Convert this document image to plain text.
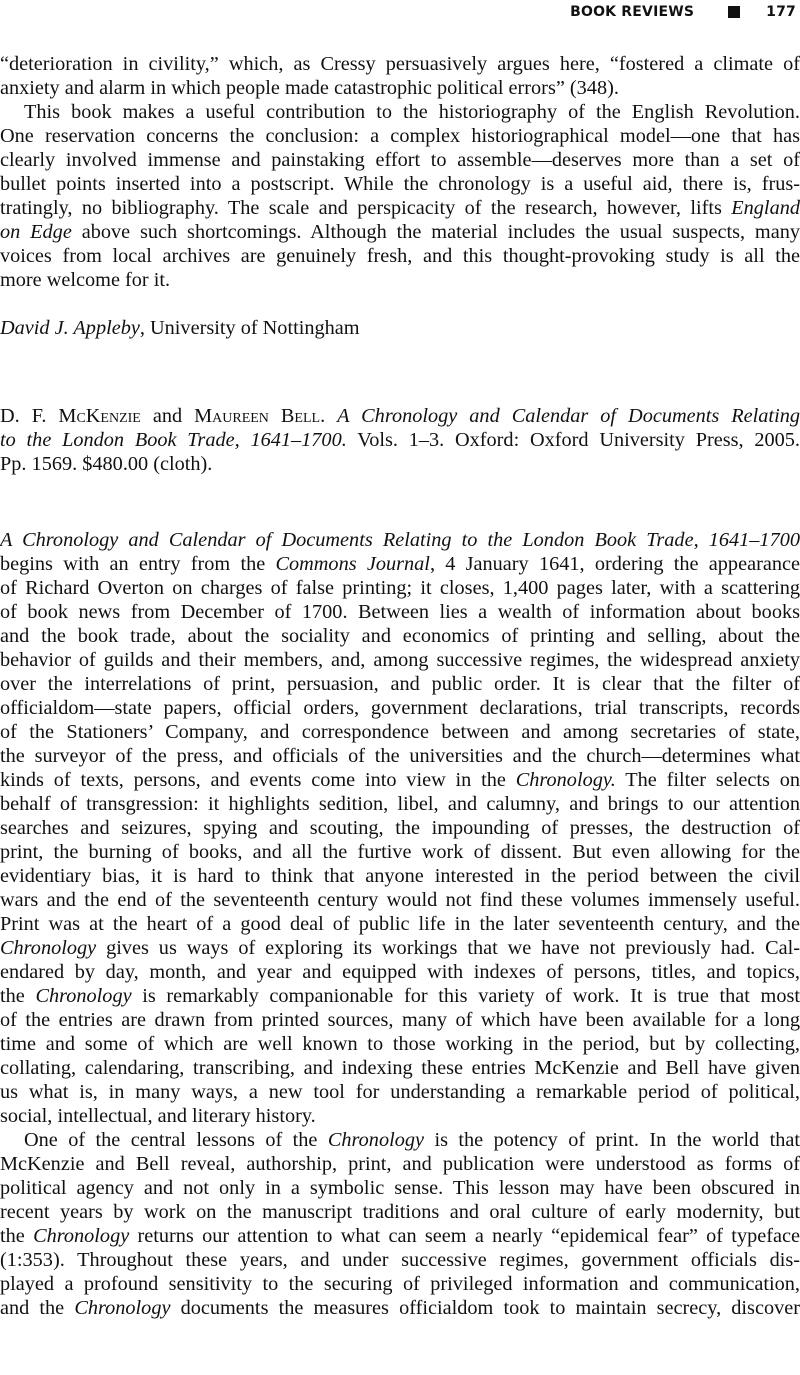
BOOK REVIEWS	177
“deterioration in civility,” which, as Cressy persuasively argues here, “fostered a climate of
anxiety and alarm in which people made catastrophic political errors” (348).
This book makes a useful contribution to the historiography of the English Revolution.
One reservation concerns the conclusion: a complex historiographical model—one that has
clearly involved immense and painstaking effort to assemble—deserves more than a set of
bullet points inserted into a postscript. While the chronology is a useful aid, there is, frus-
tratingly, no bibliography. The scale and perspicacity of the research, however, lifts England
on Edge above such shortcomings. Although the material includes the usual suspects, many
voices from local archives are genuinely fresh, and this thought-provoking study is all the
more welcome for it.
David J. Appleby, University of Nottingham
D. F. McKenzie and Maureen Bell. A Chronology and Calendar of Documents Relating
to the London Book Trade, 1641–1700. Vols. 1–3. Oxford: Oxford University Press, 2005.
Pp. 1569. $480.00 (cloth).
A Chronology and Calendar of Documents Relating to the London Book Trade, 1641–1700
begins with an entry from the Commons Journal, 4 January 1641, ordering the appearance
of Richard Overton on charges of false printing; it closes, 1,400 pages later, with a scattering
of book news from December of 1700. Between lies a wealth of information about books
and the book trade, about the sociality and economics of printing and selling, about the
behavior of guilds and their members, and, among successive regimes, the widespread anxiety
over the interrelations of print, persuasion, and public order. It is clear that the filter of
officialdom—state papers, official orders, government declarations, trial transcripts, records
of the Stationers’ Company, and correspondence between and among secretaries of state,
the surveyor of the press, and officials of the universities and the church—determines what
kinds of texts, persons, and events come into view in the Chronology. The filter selects on
behalf of transgression: it highlights sedition, libel, and calumny, and brings to our attention
searches and seizures, spying and scouting, the impounding of presses, the destruction of
print, the burning of books, and all the furtive work of dissent. But even allowing for the
evidentiary bias, it is hard to think that anyone interested in the period between the civil
wars and the end of the seventeenth century would not find these volumes immensely useful.
Print was at the heart of a good deal of public life in the later seventeenth century, and the
Chronology gives us ways of exploring its workings that we have not previously had. Cal-
endared by day, month, and year and equipped with indexes of persons, titles, and topics,
the Chronology is remarkably companionable for this variety of work. It is true that most
of the entries are drawn from printed sources, many of which have been available for a long
time and some of which are well known to those working in the period, but by collecting,
collating, calendaring, transcribing, and indexing these entries McKenzie and Bell have given
us what is, in many ways, a new tool for understanding a remarkable period of political,
social, intellectual, and literary history.
One of the central lessons of the Chronology is the potency of print. In the world that
McKenzie and Bell reveal, authorship, print, and publication were understood as forms of
political agency and not only in a symbolic sense. This lesson may have been obscured in
recent years by work on the manuscript traditions and oral culture of early modernity, but
the Chronology returns our attention to what can seem a nearly “epidemical fear” of typeface
(1:353). Throughout these years, and under successive regimes, government officials dis-
played a profound sensitivity to the securing of privileged information and communication,
and the Chronology documents the measures officialdom took to maintain secrecy, discover
